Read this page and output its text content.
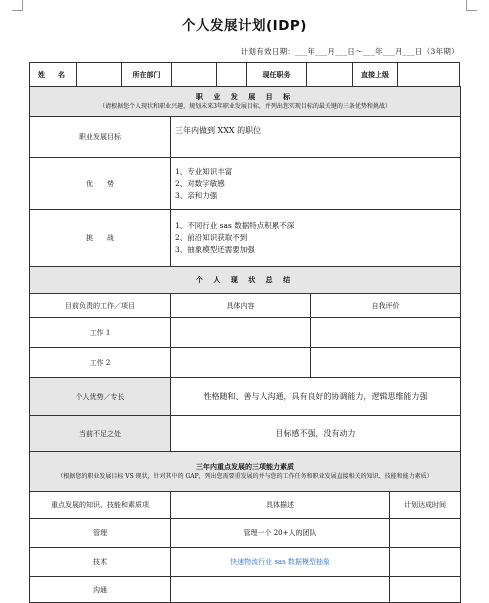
个人发展计划(IDP)
计划有效日期：___年___月___日～___年___月___日（3年期）
姓　名	所在部门	现任职务	直接上级
职 业 发 展 目 标
（请根据您个人现状和职业兴趣，规划未来3年职业发展目标，并列出您实现目标的最关键的三条优势和挑战）			

职业发展目标	三年内做到 XXX 的职位		
优　　势	1、专业知识丰富
2、对数字敏感
3、亲和力强		

挑　　战	1、不同行业 sas 数据特点积累不深
2、前沿知识获取不到
3、抽象模型还需要加强		

个 人 现 状 总 结			
目前负责的工作／项目	具体内容	自我评价	
工作 1			
工作 2			
个人优势／专长	性格随和、善与人沟通，具有良好的协调能力，逻辑思维能力强		
当前不足之处	目标感不强，没有动力		
三年内重点发展的三项能力素质
（根据您的职业发展目标 VS 现状，针对其中的 GAP，列出您需要重发展的并与您的工作任务和职业发展直接相关的知识、技能和能力素质）			

重点发展的知识、技能和素质项	具体描述		计划达成时间
管理	管理一个 20+人的团队		
技术	快速物流行业 sas 数据模型抽象		
沟通			
